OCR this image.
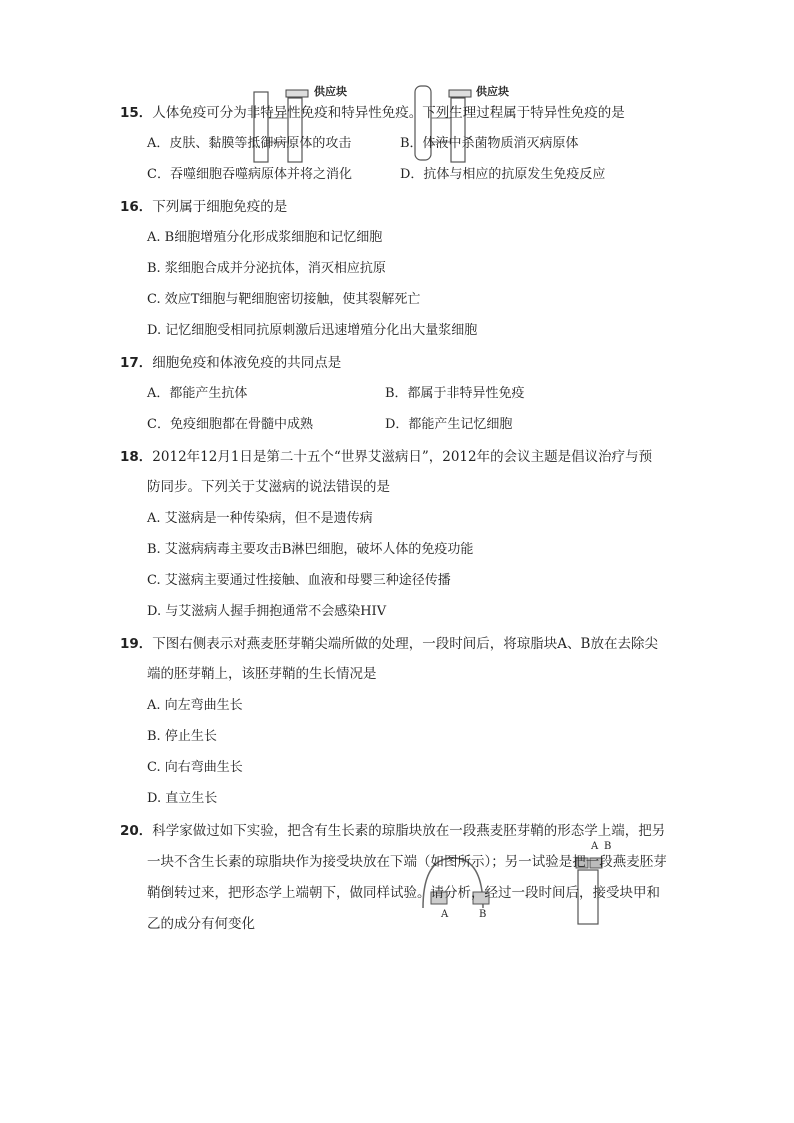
供应块	供应块
A	B
A B
15．人体免疫可分为非特异性免疫和特异性免疫。下列生理过程属于特异性免疫的是
A．皮肤、黏膜等抵御病原体的攻击	B．体液中杀菌物质消灭病原体
C．吞噬细胞吞噬病原体并将之消化	D．抗体与相应的抗原发生免疫反应
16．下列属于细胞免疫的是
A. B细胞增殖分化形成浆细胞和记忆细胞
B. 浆细胞合成并分泌抗体，消灭相应抗原
C. 效应T细胞与靶细胞密切接触，使其裂解死亡
D. 记忆细胞受相同抗原刺激后迅速增殖分化出大量浆细胞
17．细胞免疫和体液免疫的共同点是
A．都能产生抗体	B．都属于非特异性免疫
C．免疫细胞都在骨髓中成熟	D．都能产生记忆细胞
18．2012年12月1日是第二十五个“世界艾滋病日”，2012年的会议主题是倡议治疗与预
防同步。下列关于艾滋病的说法错误的是
A. 艾滋病是一种传染病，但不是遗传病
B. 艾滋病病毒主要攻击B淋巴细胞，破坏人体的免疫功能
C. 艾滋病主要通过性接触、血液和母婴三种途径传播
D. 与艾滋病人握手拥抱通常不会感染HIV
19．下图右侧表示对燕麦胚芽鞘尖端所做的处理，一段时间后，将琼脂块A、B放在去除尖
端的胚芽鞘上，该胚芽鞘的生长情况是
A. 向左弯曲生长
B. 停止生长
C. 向右弯曲生长
D. 直立生长
20．科学家做过如下实验，把含有生长素的琼脂块放在一段燕麦胚芽鞘的形态学上端，把另
一块不含生长素的琼脂块作为接受块放在下端（如图所示）；另一试验是把一段燕麦胚芽
鞘倒转过来，把形态学上端朝下，做同样试验。请分析，经过一段时间后，接受块甲和
乙的成分有何变化
